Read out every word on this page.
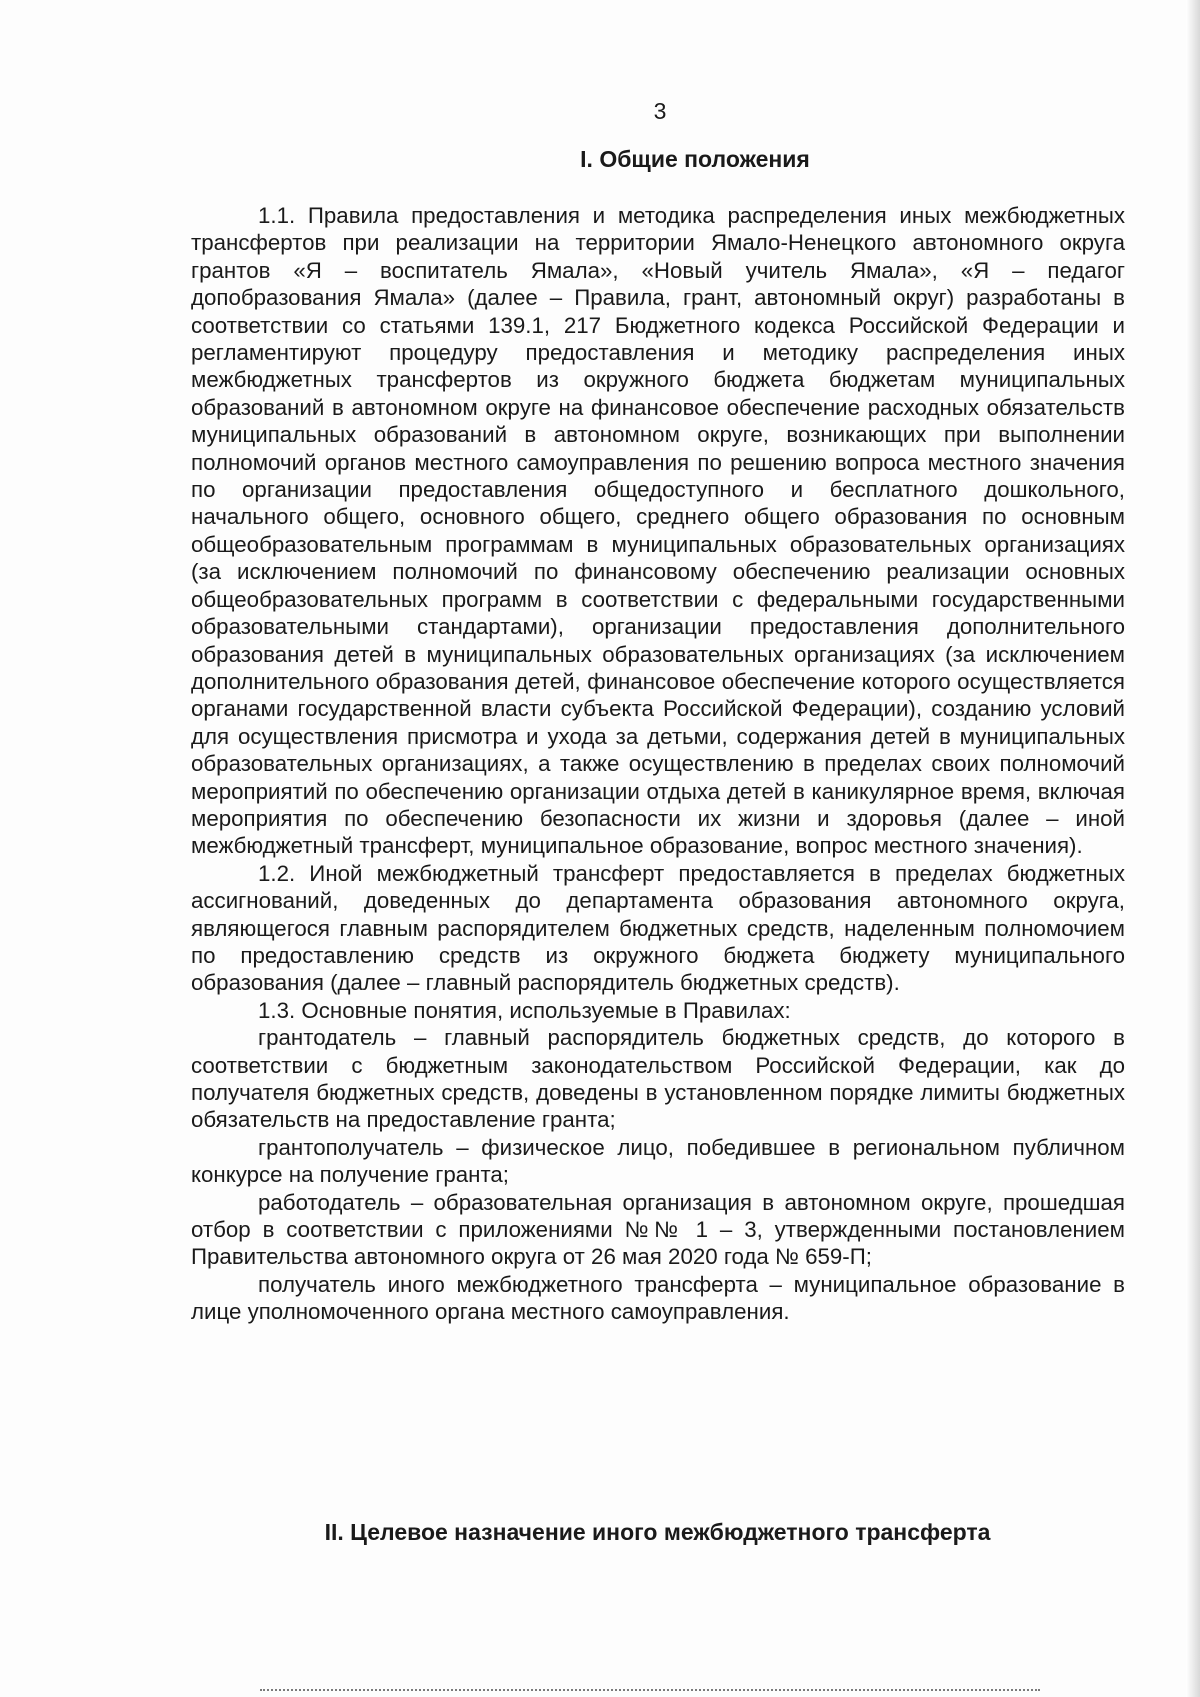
3
I. Общие положения

1.1. Правила предоставления и методика распределения иных межбюджетных трансфертов при реализации на территории Ямало-Ненецкого автономного округа грантов «Я – воспитатель Ямала», «Новый учитель Ямала», «Я – педагог допобразования Ямала» (далее – Правила, грант, автономный округ) разработаны в соответствии со статьями 139.1, 217 Бюджетного кодекса Российской Федерации и регламентируют процедуру предоставления и методику распределения иных межбюджетных трансфертов из окружного бюджета бюджетам муниципальных образований в автономном округе на финансовое обеспечение расходных обязательств муниципальных образований в автономном округе, возникающих при выполнении полномочий органов местного самоуправления по решению вопроса местного значения по организации предоставления общедоступного и бесплатного дошкольного, начального общего, основного общего, среднего общего образования по основным общеобразовательным программам в муниципальных образовательных организациях (за исключением полномочий по финансовому обеспечению реализации основных общеобразовательных программ в соответствии с федеральными государственными образовательными стандартами), организации предоставления дополнительного образования детей в муниципальных образовательных организациях (за исключением дополнительного образования детей, финансовое обеспечение которого осуществляется органами государственной власти субъекта Российской Федерации), созданию условий для осуществления присмотра и ухода за детьми, содержания детей в муниципальных образовательных организациях, а также осуществлению в пределах своих полномочий мероприятий по обеспечению организации отдыха детей в каникулярное время, включая мероприятия по обеспечению безопасности их жизни и здоровья (далее – иной межбюджетный трансферт, муниципальное образование, вопрос местного значения).

1.2. Иной межбюджетный трансферт предоставляется в пределах бюджетных ассигнований, доведенных до департамента образования автономного округа, являющегося главным распорядителем бюджетных средств, наделенным полномочием по предоставлению средств из окружного бюджета бюджету муниципального образования (далее – главный распорядитель бюджетных средств).

1.3. Основные понятия, используемые в Правилах:

грантодатель – главный распорядитель бюджетных средств, до которого в соответствии с бюджетным законодательством Российской Федерации, как до получателя бюджетных средств, доведены в установленном порядке лимиты бюджетных обязательств на предоставление гранта;

грантополучатель – физическое лицо, победившее в региональном публичном конкурсе на получение гранта;

работодатель – образовательная организация в автономном округе, прошедшая отбор в соответствии с приложениями №№ 1 – 3, утвержденными постановлением Правительства автономного округа от 26 мая 2020 года № 659-П;

получатель иного межбюджетного трансферта – муниципальное образование в лице уполномоченного органа местного самоуправления.

II. Целевое назначение иного межбюджетного трансферта
